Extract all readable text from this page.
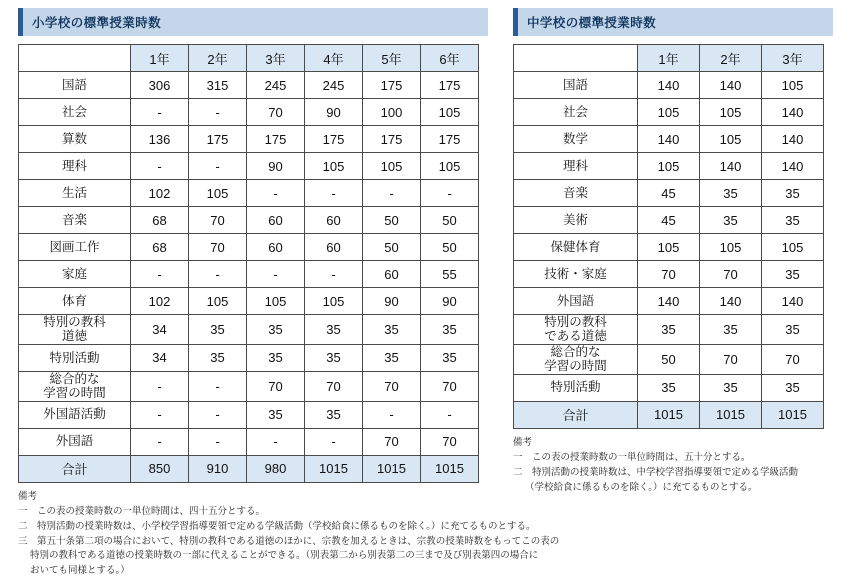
小学校の標準授業時数
	1年	2年	3年	4年	5年	6年
国語	306	315	245	245	175	175
社会	-	-	70	90	100	105
算数	136	175	175	175	175	175
理科	-	-	90	105	105	105
生活	102	105	-	-	-	-
音楽	68	70	60	60	50	50
図画工作	68	70	60	60	50	50
家庭	-	-	-	-	60	55
体育	102	105	105	105	90	90
特別の教科
道徳	34	35	35	35	35	35
特別活動	34	35	35	35	35	35
総合的な
学習の時間	-	-	70	70	70	70
外国語活動	-	-	35	35	-	-
外国語	-	-	-	-	70	70
合計	850	910	980	1015	1015	1015
備考
一　この表の授業時数の一単位時間は、四十五分とする。
二　特別活動の授業時数は、小学校学習指導要領で定める学級活動（学校給食に係るものを除く。）に充てるものとする。
三　第五十条第二項の場合において、特別の教科である道徳のほかに、宗教を加えるときは、宗教の授業時数をもってこの表の
特別の教科である道徳の授業時数の一部に代えることができる。（別表第二から別表第二の三まで及び別表第四の場合に
おいても同様とする。）
中学校の標準授業時数
	1年	2年	3年
国語	140	140	105
社会	105	105	140
数学	140	105	140
理科	105	140	140
音楽	45	35	35
美術	45	35	35
保健体育	105	105	105
技術・家庭	70	70	35
外国語	140	140	140
特別の教科
である道徳	35	35	35
総合的な
学習の時間	50	70	70
特別活動	35	35	35
合計	1015	1015	1015
備考
一　この表の授業時数の一単位時間は、五十分とする。
二　特別活動の授業時数は、中学校学習指導要領で定める学級活動
（学校給食に係るものを除く。）に充てるものとする。
